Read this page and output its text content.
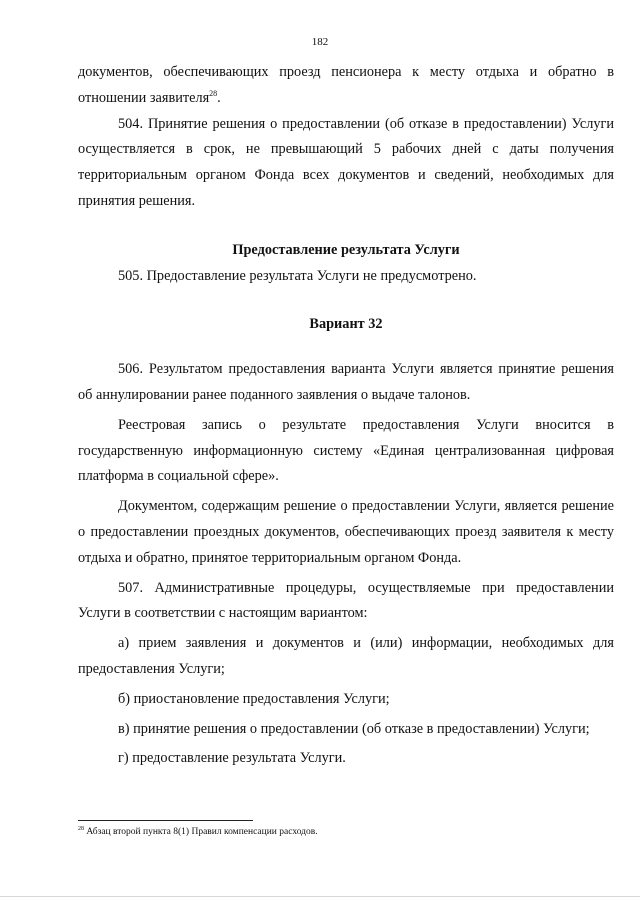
182

документов, обеспечивающих проезд пенсионера к месту отдыха и обратно в отношении заявителя$^{28}$.

504. Принятие решения о предоставлении (об отказе в предоставлении) Услуги осуществляется в срок, не превышающий 5 рабочих дней с даты получения территориальным органом Фонда всех документов и сведений, необходимых для принятия решения.

Предоставление результата Услуги

505. Предоставление результата Услуги не предусмотрено.

Вариант 32

506. Результатом предоставления варианта Услуги является принятие решения об аннулировании ранее поданного заявления о выдаче талонов.

Реестровая запись о результате предоставления Услуги вносится в государственную информационную систему «Единая централизованная цифровая платформа в социальной сфере».

Документом, содержащим решение о предоставлении Услуги, является решение о предоставлении проездных документов, обеспечивающих проезд заявителя к месту отдыха и обратно, принятое территориальным органом Фонда.

507. Административные процедуры, осуществляемые при предоставлении Услуги в соответствии с настоящим вариантом:

а) прием заявления и документов и (или) информации, необходимых для предоставления Услуги;

б) приостановление предоставления Услуги;

в) принятие решения о предоставлении (об отказе в предоставлении) Услуги;

г) предоставление результата Услуги.

$^{28}$ Абзац второй пункта 8(1) Правил компенсации расходов.
